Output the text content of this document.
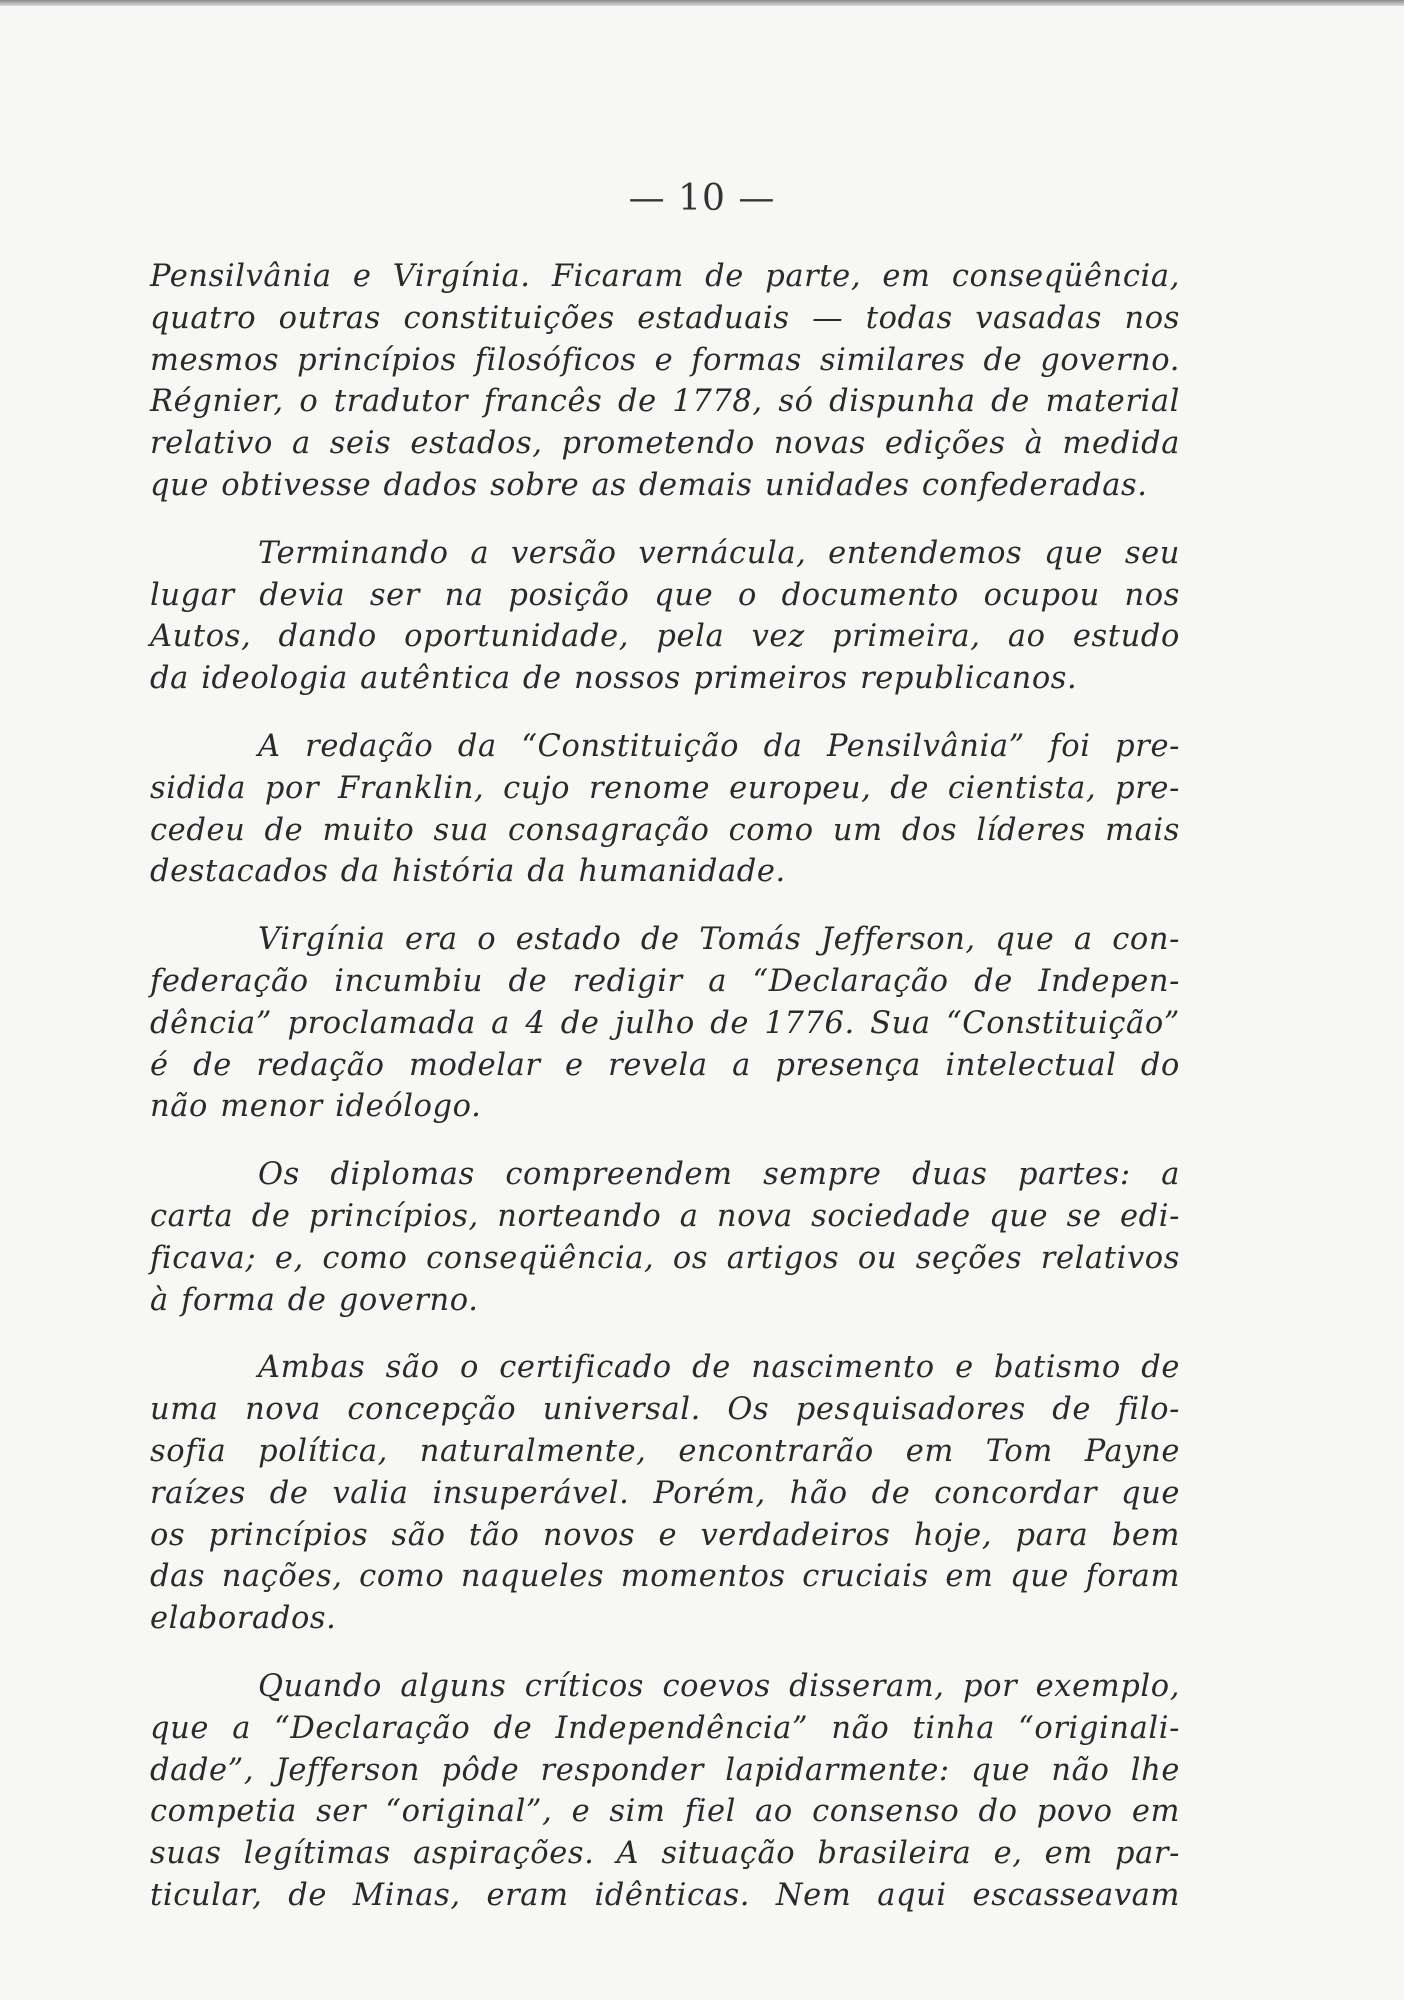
— 10 —

Pensilvânia e Virgínia. Ficaram de parte, em conseqüência,
quatro outras constituições estaduais — todas vasadas nos
mesmos princípios filosóficos e formas similares de governo.
Régnier, o tradutor francês de 1778, só dispunha de material
relativo a seis estados, prometendo novas edições à medida
que obtivesse dados sobre as demais unidades confederadas.

Terminando a versão vernácula, entendemos que seu
lugar devia ser na posição que o documento ocupou nos
Autos, dando oportunidade, pela vez primeira, ao estudo
da ideologia autêntica de nossos primeiros republicanos.

A redação da “Constituição da Pensilvânia” foi pre-
sidida por Franklin, cujo renome europeu, de cientista, pre-
cedeu de muito sua consagração como um dos líderes mais
destacados da história da humanidade.

Virgínia era o estado de Tomás Jefferson, que a con-
federação incumbiu de redigir a “Declaração de Indepen-
dência” proclamada a 4 de julho de 1776. Sua “Constituição”
é de redação modelar e revela a presença intelectual do
não menor ideólogo.

Os diplomas compreendem sempre duas partes: a
carta de princípios, norteando a nova sociedade que se edi-
ficava; e, como conseqüência, os artigos ou seções relativos
à forma de governo.

Ambas são o certificado de nascimento e batismo de
uma nova concepção universal. Os pesquisadores de filo-
sofia política, naturalmente, encontrarão em Tom Payne
raízes de valia insuperável. Porém, hão de concordar que
os princípios são tão novos e verdadeiros hoje, para bem
das nações, como naqueles momentos cruciais em que foram
elaborados.

Quando alguns críticos coevos disseram, por exemplo,
que a “Declaração de Independência” não tinha “originali-
dade”, Jefferson pôde responder lapidarmente: que não lhe
competia ser “original”, e sim fiel ao consenso do povo em
suas legítimas aspirações. A situação brasileira e, em par-
ticular, de Minas, eram idênticas. Nem aqui escasseavam
